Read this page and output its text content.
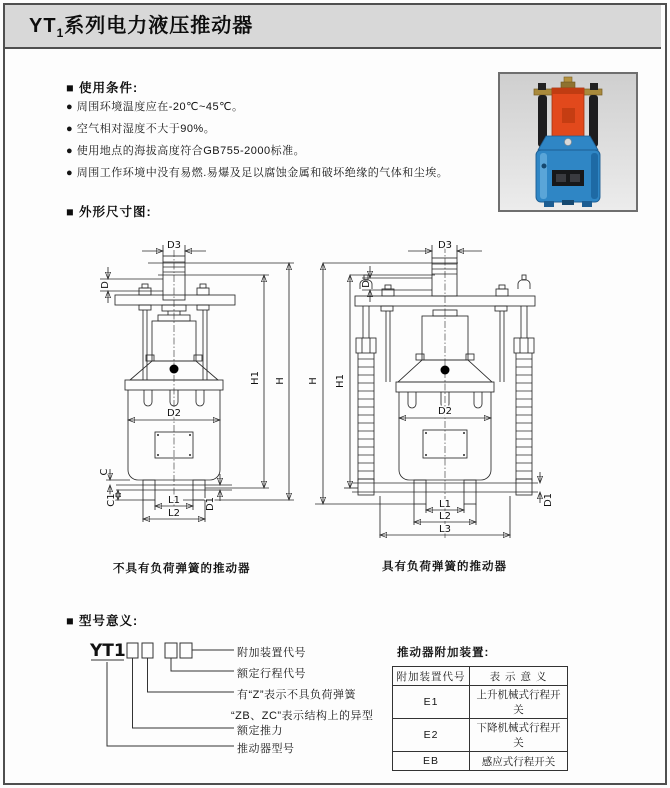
$YT_1$系列电力液压推动器
■ 使用条件:
● 周围环境温度应在-20℃~45℃。
● 空气相对湿度不大于90%。
● 使用地点的海拔高度符合GB755-2000标准。
● 周围工作环境中没有易燃.易爆及足以腐蚀金属和破坏绝缘的气体和尘埃。
■ 外形尺寸图:
D3
D
H1 H
D2
C
C1	D1
L1
L2
H H1
D3
D
D2
D1
L1
L2
L3
不具有负荷弹簧的推动器	具有负荷弹簧的推动器
■ 型号意义:
YT1	附加装置代号
额定行程代号
有“Z”表示不具负荷弹簧
“ZB、ZC”表示结构上的异型
额定推力
推动器型号
推动器附加装置:
附加装置代号	表 示 意 义
E1	上升机械式行程开关
E2	下降机械式行程开关
EB	感应式行程开关
